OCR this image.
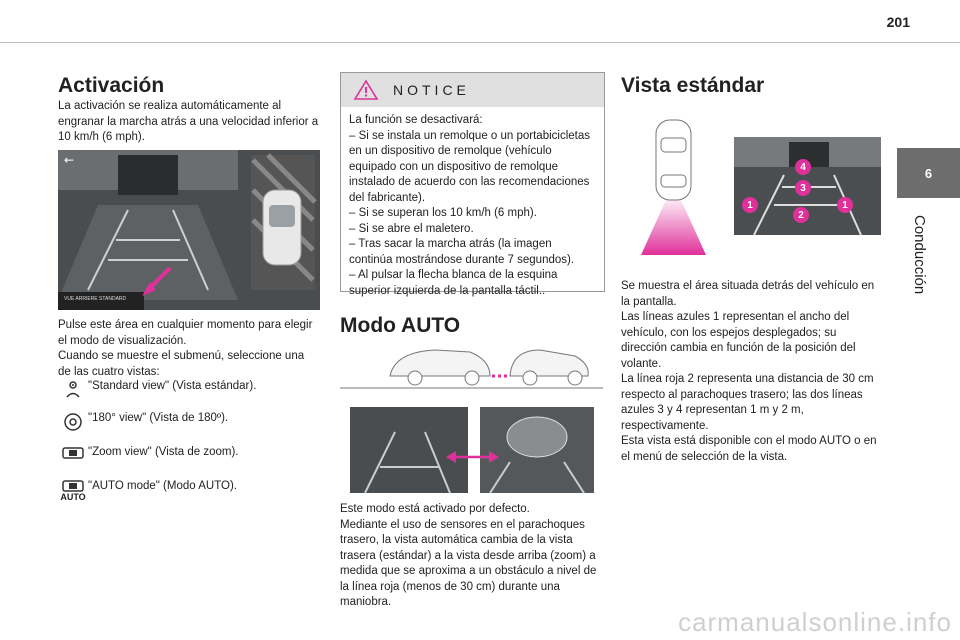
201
6
Conducción
Activación
La activación se realiza automáticamente al engranar la marcha atrás a una velocidad inferior a 10 km/h (6 mph).
←
VUE ARRIERE STANDARD
Pulse este área en cualquier momento para elegir el modo de visualización.
Cuando se muestre el submenú, seleccione una de las cuatro vistas:
"Standard view" (Vista estándar).
"180° view" (Vista de 180º).
"Zoom view" (Vista de zoom).
AUTO
"AUTO mode" (Modo AUTO).
NOTICE
La función se desactivará:
– Si se instala un remolque o un portabicicletas en un dispositivo de remolque (vehículo equipado con un dispositivo de remolque instalado de acuerdo con las recomendaciones del fabricante).
– Si se superan los 10 km/h (6 mph).
– Si se abre el maletero.
– Tras sacar la marcha atrás (la imagen continúa mostrándose durante 7 segundos).
– Al pulsar la flecha blanca de la esquina superior izquierda de la pantalla táctil..
Modo AUTO
Este modo está activado por defecto.
Mediante el uso de sensores en el parachoques trasero, la vista automática cambia de la vista trasera (estándar) a la vista desde arriba (zoom) a medida que se aproxima a un obstáculo a nivel de la línea roja (menos de 30 cm) durante una maniobra.
Vista estándar
4
3
1
2
1
Se muestra el área situada detrás del vehículo en la pantalla.
Las líneas azules 1 representan el ancho del vehículo, con los espejos desplegados; su dirección cambia en función de la posición del volante.
La línea roja 2 representa una distancia de 30 cm respecto al parachoques trasero; las dos líneas azules 3 y 4 representan 1 m y 2 m, respectivamente.
Esta vista está disponible con el modo AUTO o en el menú de selección de la vista.
carmanualsonline.info
